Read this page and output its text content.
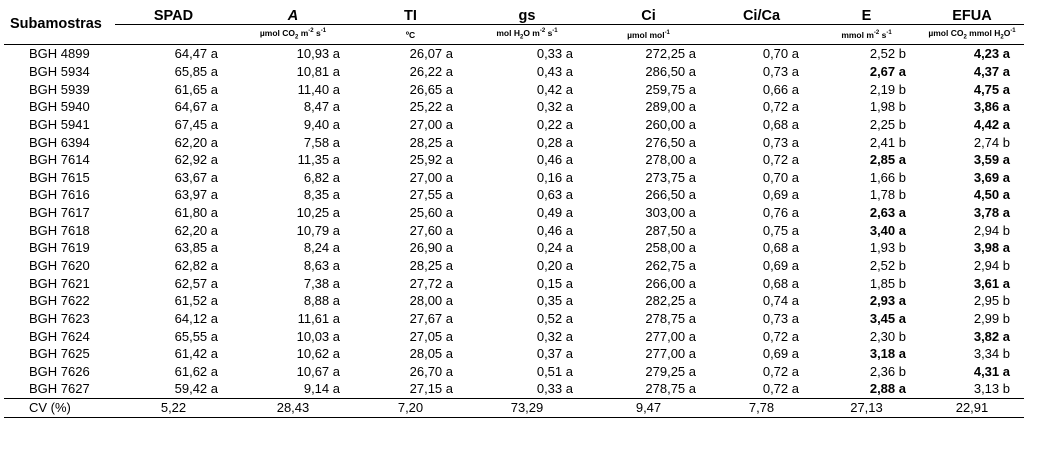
Subamostras	SPAD	A	TI	gs	Ci	Ci/Ca	E	EFUA
		µmol $CO_2$ $m^{-2}$ $s^{-1}$	ºC	mol $H_2O$ $m^{-2}$ $s^{-1}$	µmol mol$^{-1}$		mmol $m^{-2}$ $s^{-1}$	µmol $CO_2$ mmol $H_2O^{-1}$
BGH 4899	64,47 a	10,93 a	26,07 a	0,33 a	272,25 a	0,70 a	2,52 b	4,23 a
BGH 5934	65,85 a	10,81 a	26,22 a	0,43 a	286,50 a	0,73 a	2,67 a	4,37 a
BGH 5939	61,65 a	11,40 a	26,65 a	0,42 a	259,75 a	0,66 a	2,19 b	4,75 a
BGH 5940	64,67 a	8,47 a	25,22 a	0,32 a	289,00 a	0,72 a	1,98 b	3,86 a
BGH 5941	67,45 a	9,40 a	27,00 a	0,22 a	260,00 a	0,68 a	2,25 b	4,42 a
BGH 6394	62,20 a	7,58 a	28,25 a	0,28 a	276,50 a	0,73 a	2,41 b	2,74 b
BGH 7614	62,92 a	11,35 a	25,92 a	0,46 a	278,00 a	0,72 a	2,85 a	3,59 a
BGH 7615	63,67 a	6,82 a	27,00 a	0,16 a	273,75 a	0,70 a	1,66 b	3,69 a
BGH 7616	63,97 a	8,35 a	27,55 a	0,63 a	266,50 a	0,69 a	1,78 b	4,50 a
BGH 7617	61,80 a	10,25 a	25,60 a	0,49 a	303,00 a	0,76 a	2,63 a	3,78 a
BGH 7618	62,20 a	10,79 a	27,60 a	0,46 a	287,50 a	0,75 a	3,40 a	2,94 b
BGH 7619	63,85 a	8,24 a	26,90 a	0,24 a	258,00 a	0,68 a	1,93 b	3,98 a
BGH 7620	62,82 a	8,63 a	28,25 a	0,20 a	262,75 a	0,69 a	2,52 b	2,94 b
BGH 7621	62,57 a	7,38 a	27,72 a	0,15 a	266,00 a	0,68 a	1,85 b	3,61 a
BGH 7622	61,52 a	8,88 a	28,00 a	0,35 a	282,25 a	0,74 a	2,93 a	2,95 b
BGH 7623	64,12 a	11,61 a	27,67 a	0,52 a	278,75 a	0,73 a	3,45 a	2,99 b
BGH 7624	65,55 a	10,03 a	27,05 a	0,32 a	277,00 a	0,72 a	2,30 b	3,82 a
BGH 7625	61,42 a	10,62 a	28,05 a	0,37 a	277,00 a	0,69 a	3,18 a	3,34 b
BGH 7626	61,62 a	10,67 a	26,70 a	0,51 a	279,25 a	0,72 a	2,36 b	4,31 a
BGH 7627	59,42 a	9,14 a	27,15 a	0,33 a	278,75 a	0,72 a	2,88 a	3,13 b
CV (%)	5,22	28,43	7,20	73,29	9,47	7,78	27,13	22,91
